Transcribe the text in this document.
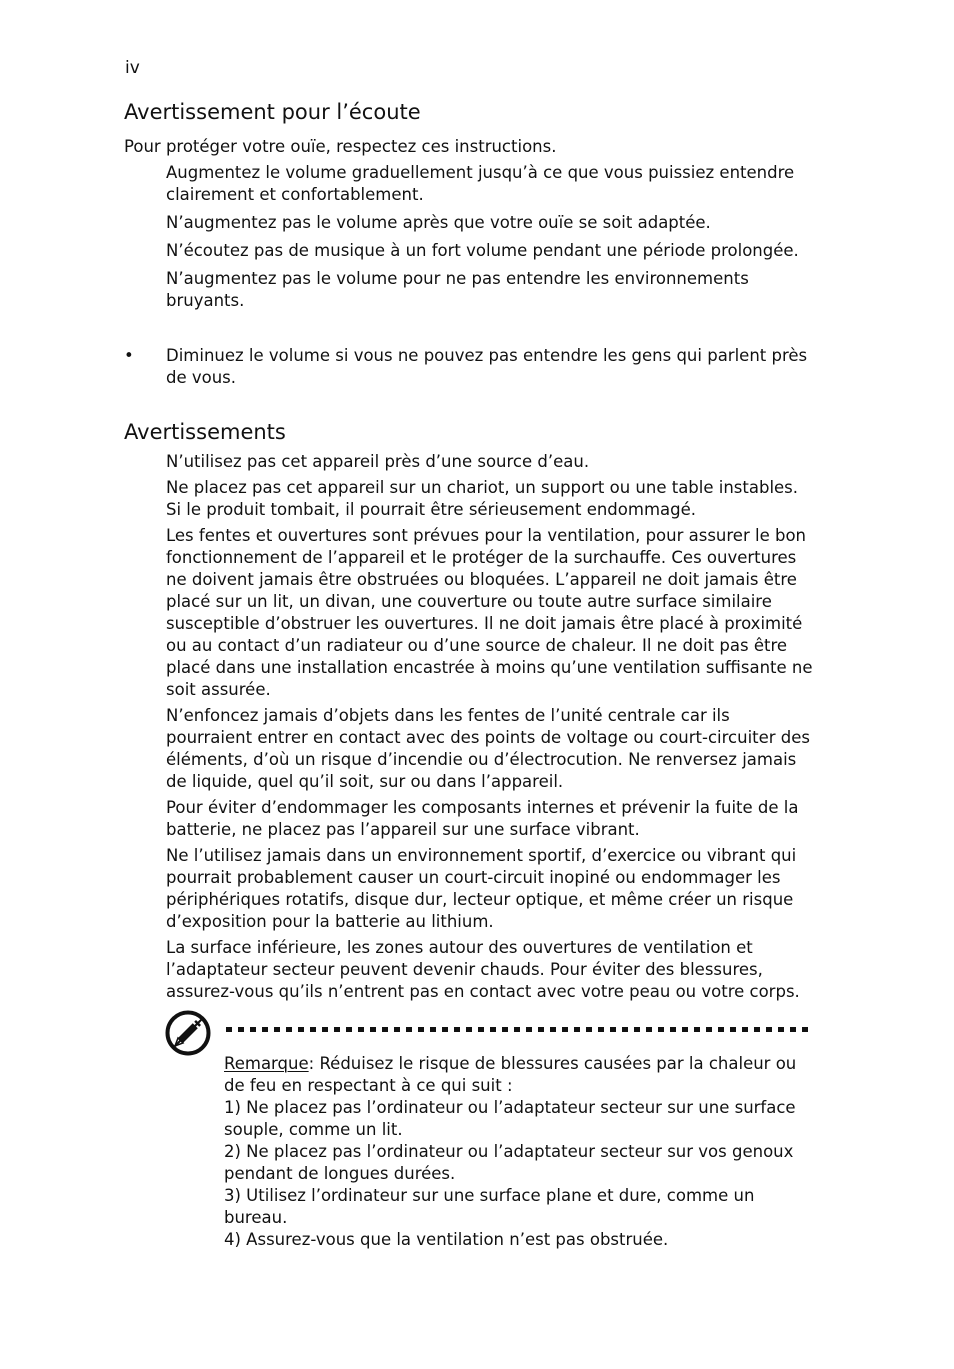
iv
Avertissement pour l’écoute

Pour protéger votre ouïe, respectez ces instructions.

Augmentez le volume graduellement jusqu’à ce que vous puissiez entendre clairement et confortablement.

N’augmentez pas le volume après que votre ouïe se soit adaptée.

N’écoutez pas de musique à un fort volume pendant une période prolongée.

N’augmentez pas le volume pour ne pas entendre les environnements bruyants.

• Diminuez le volume si vous ne pouvez pas entendre les gens qui parlent près de vous.
Avertissements

N’utilisez pas cet appareil près d’une source d’eau.

Ne placez pas cet appareil sur un chariot, un support ou une table instables. Si le produit tombait, il pourrait être sérieusement endommagé.

Les fentes et ouvertures sont prévues pour la ventilation, pour assurer le bon fonctionnement de l’appareil et le protéger de la surchauffe. Ces ouvertures ne doivent jamais être obstruées ou bloquées. L’appareil ne doit jamais être placé sur un lit, un divan, une couverture ou toute autre surface similaire susceptible d’obstruer les ouvertures. Il ne doit jamais être placé à proximité ou au contact d’un radiateur ou d’une source de chaleur. Il ne doit pas être placé dans une installation encastrée à moins qu’une ventilation suffisante ne soit assurée.

N’enfoncez jamais d’objets dans les fentes de l’unité centrale car ils pourraient entrer en contact avec des points de voltage ou court-circuiter des éléments, d’où un risque d’incendie ou d’électrocution. Ne renversez jamais de liquide, quel qu’il soit, sur ou dans l’appareil.

Pour éviter d’endommager les composants internes et prévenir la fuite de la batterie, ne placez pas l’appareil sur une surface vibrant.

Ne l’utilisez jamais dans un environnement sportif, d’exercice ou vibrant qui pourrait probablement causer un court-circuit inopiné ou endommager les périphériques rotatifs, disque dur, lecteur optique, et même créer un risque d’exposition pour la batterie au lithium.

La surface inférieure, les zones autour des ouvertures de ventilation et l’adaptateur secteur peuvent devenir chauds. Pour éviter des blessures, assurez-vous qu’ils n’entrent pas en contact avec votre peau ou votre corps.

Remarque: Réduisez le risque de blessures causées par la chaleur ou de feu en respectant à ce qui suit :

1) Ne placez pas l’ordinateur ou l’adaptateur secteur sur une surface souple, comme un lit.

2) Ne placez pas l’ordinateur ou l’adaptateur secteur sur vos genoux pendant de longues durées.

3) Utilisez l’ordinateur sur une surface plane et dure, comme un bureau.

4) Assurez-vous que la ventilation n’est pas obstruée.
